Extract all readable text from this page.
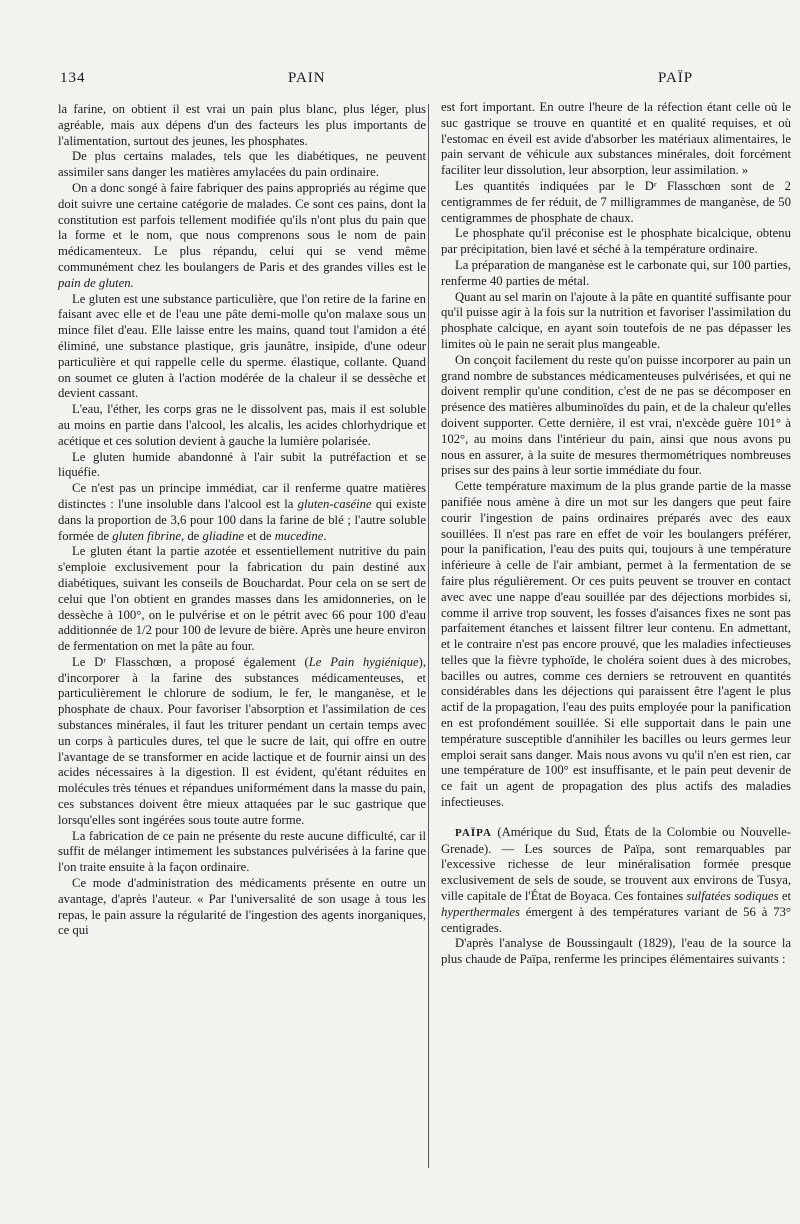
134	PAIN	PAÏP

la farine, on obtient il est vrai un pain plus blanc, plus léger, plus agréable, mais aux dépens d'un des facteurs les plus importants de l'alimentation, surtout des jeunes, les phosphates.

De plus certains malades, tels que les diabétiques, ne peuvent assimiler sans danger les matières amylacées du pain ordinaire.

On a donc songé à faire fabriquer des pains appropriés au régime que doit suivre une certaine catégorie de malades. Ce sont ces pains, dont la constitution est parfois tellement modifiée qu'ils n'ont plus du pain que la forme et le nom, que nous comprenons sous le nom de pain médicamenteux. Le plus répandu, celui qui se vend même communément chez les boulangers de Paris et des grandes villes est le pain de gluten.

Le gluten est une substance particulière, que l'on retire de la farine en faisant avec elle et de l'eau une pâte demi-molle qu'on malaxe sous un mince filet d'eau. Elle laisse entre les mains, quand tout l'amidon a été éliminé, une substance plastique, gris jaunâtre, insipide, d'une odeur particulière et qui rappelle celle du sperme. élastique, collante. Quand on soumet ce gluten à l'action modérée de la chaleur il se dessèche et devient cassant.

L'eau, l'éther, les corps gras ne le dissolvent pas, mais il est soluble au moins en partie dans l'alcool, les alcalis, les acides chlorhydrique et acétique et ces solution devient à gauche la lumière polarisée.

Le gluten humide abandonné à l'air subit la putréfaction et se liquéfie.

Ce n'est pas un principe immédiat, car il renferme quatre matières distinctes : l'une insoluble dans l'alcool est la gluten-caséine qui existe dans la proportion de 3,6 pour 100 dans la farine de blé ; l'autre soluble formée de gluten fibrine, de gliadine et de mucedine.

Le gluten étant la partie azotée et essentiellement nutritive du pain s'emploie exclusivement pour la fabrication du pain destiné aux diabétiques, suivant les conseils de Bouchardat. Pour cela on se sert de celui que l'on obtient en grandes masses dans les amidonneries, on le dessèche à 100°, on le pulvérise et on le pétrit avec 66 pour 100 d'eau additionnée de 1/2 pour 100 de levure de bière. Après une heure environ de fermentation on met la pâte au four.

Le Dʳ Flasschœn, a proposé également (Le Pain hygiénique), d'incorporer à la farine des substances médicamenteuses, et particulièrement le chlorure de sodium, le fer, le manganèse, et le phosphate de chaux. Pour favoriser l'absorption et l'assimilation de ces substances minérales, il faut les triturer pendant un certain temps avec un corps à particules dures, tel que le sucre de lait, qui offre en outre l'avantage de se transformer en acide lactique et de fournir ainsi un des acides nécessaires à la digestion. Il est évident, qu'étant réduites en molécules très ténues et répandues uniformément dans la masse du pain, ces substances doivent être mieux attaquées par le suc gastrique que lorsqu'elles sont ingérées sous toute autre forme.

La fabrication de ce pain ne présente du reste aucune difficulté, car il suffit de mélanger intimement les substances pulvérisées à la farine que l'on traite ensuite à la façon ordinaire.

Ce mode d'administration des médicaments présente en outre un avantage, d'après l'auteur. « Par l'universalité de son usage à tous les repas, le pain assure la régularité de l'ingestion des agents inorganiques, ce qui

est fort important. En outre l'heure de la réfection étant celle où le suc gastrique se trouve en quantité et en qualité requises, et où l'estomac en éveil est avide d'absorber les matériaux alimentaires, le pain servant de véhicule aux substances minérales, doit forcément faciliter leur dissolution, leur absorption, leur assimilation. »

Les quantités indiquées par le Dʳ Flasschœn sont de 2 centigrammes de fer réduit, de 7 milligrammes de manganèse, de 50 centigrammes de phosphate de chaux.

Le phosphate qu'il préconise est le phosphate bicalcique, obtenu par précipitation, bien lavé et séché à la température ordinaire.

La préparation de manganèse est le carbonate qui, sur 100 parties, renferme 40 parties de métal.

Quant au sel marin on l'ajoute à la pâte en quantité suffisante pour qu'il puisse agir à la fois sur la nutrition et favoriser l'assimilation du phosphate calcique, en ayant soin toutefois de ne pas dépasser les limites où le pain ne serait plus mangeable.

On conçoit facilement du reste qu'on puisse incorporer au pain un grand nombre de substances médicamenteuses pulvérisées, et qui ne doivent remplir qu'une condition, c'est de ne pas se décomposer en présence des matières albuminoïdes du pain, et de la chaleur qu'elles doivent supporter. Cette dernière, il est vrai, n'excède guère 101° à 102°, au moins dans l'intérieur du pain, ainsi que nous avons pu nous en assurer, à la suite de mesures thermométriques nombreuses prises sur des pains à leur sortie immédiate du four.

Cette température maximum de la plus grande partie de la masse panifiée nous amène à dire un mot sur les dangers que peut faire courir l'ingestion de pains ordinaires préparés avec des eaux souillées. Il n'est pas rare en effet de voir les boulangers préférer, pour la panification, l'eau des puits qui, toujours à une température inférieure à celle de l'air ambiant, permet à la fermentation de se faire plus régulièrement. Or ces puits peuvent se trouver en contact avec avec une nappe d'eau souillée par des déjections morbides si, comme il arrive trop souvent, les fosses d'aisances fixes ne sont pas parfaitement étanches et laissent filtrer leur contenu. En admettant, et le contraire n'est pas encore prouvé, que les maladies infectieuses telles que la fièvre typhoïde, le choléra soient dues à des microbes, bacilles ou autres, comme ces derniers se retrouvent en quantités considérables dans les déjections qui paraissent être l'agent le plus actif de la propagation, l'eau des puits employée pour la panification en est profondément souillée. Si elle supportait dans le pain une température susceptible d'annihiler les bacilles ou leurs germes leur emploi serait sans danger. Mais nous avons vu qu'il n'en est rien, car une température de 100° est insuffisante, et le pain peut devenir de ce fait un agent de propagation des plus actifs des maladies infectieuses.

PAÏPA (Amérique du Sud, États de la Colombie ou Nouvelle-Grenade). — Les sources de Païpa, sont remarquables par l'excessive richesse de leur minéralisation formée presque exclusivement de sels de soude, se trouvent aux environs de Tusya, ville capitale de l'État de Boyaca. Ces fontaines sulfatées sodiques et hyperthermales émergent à des températures variant de 56 à 73° centigrades.

D'après l'analyse de Boussingault (1829), l'eau de la source la plus chaude de Païpa, renferme les principes élémentaires suivants :
